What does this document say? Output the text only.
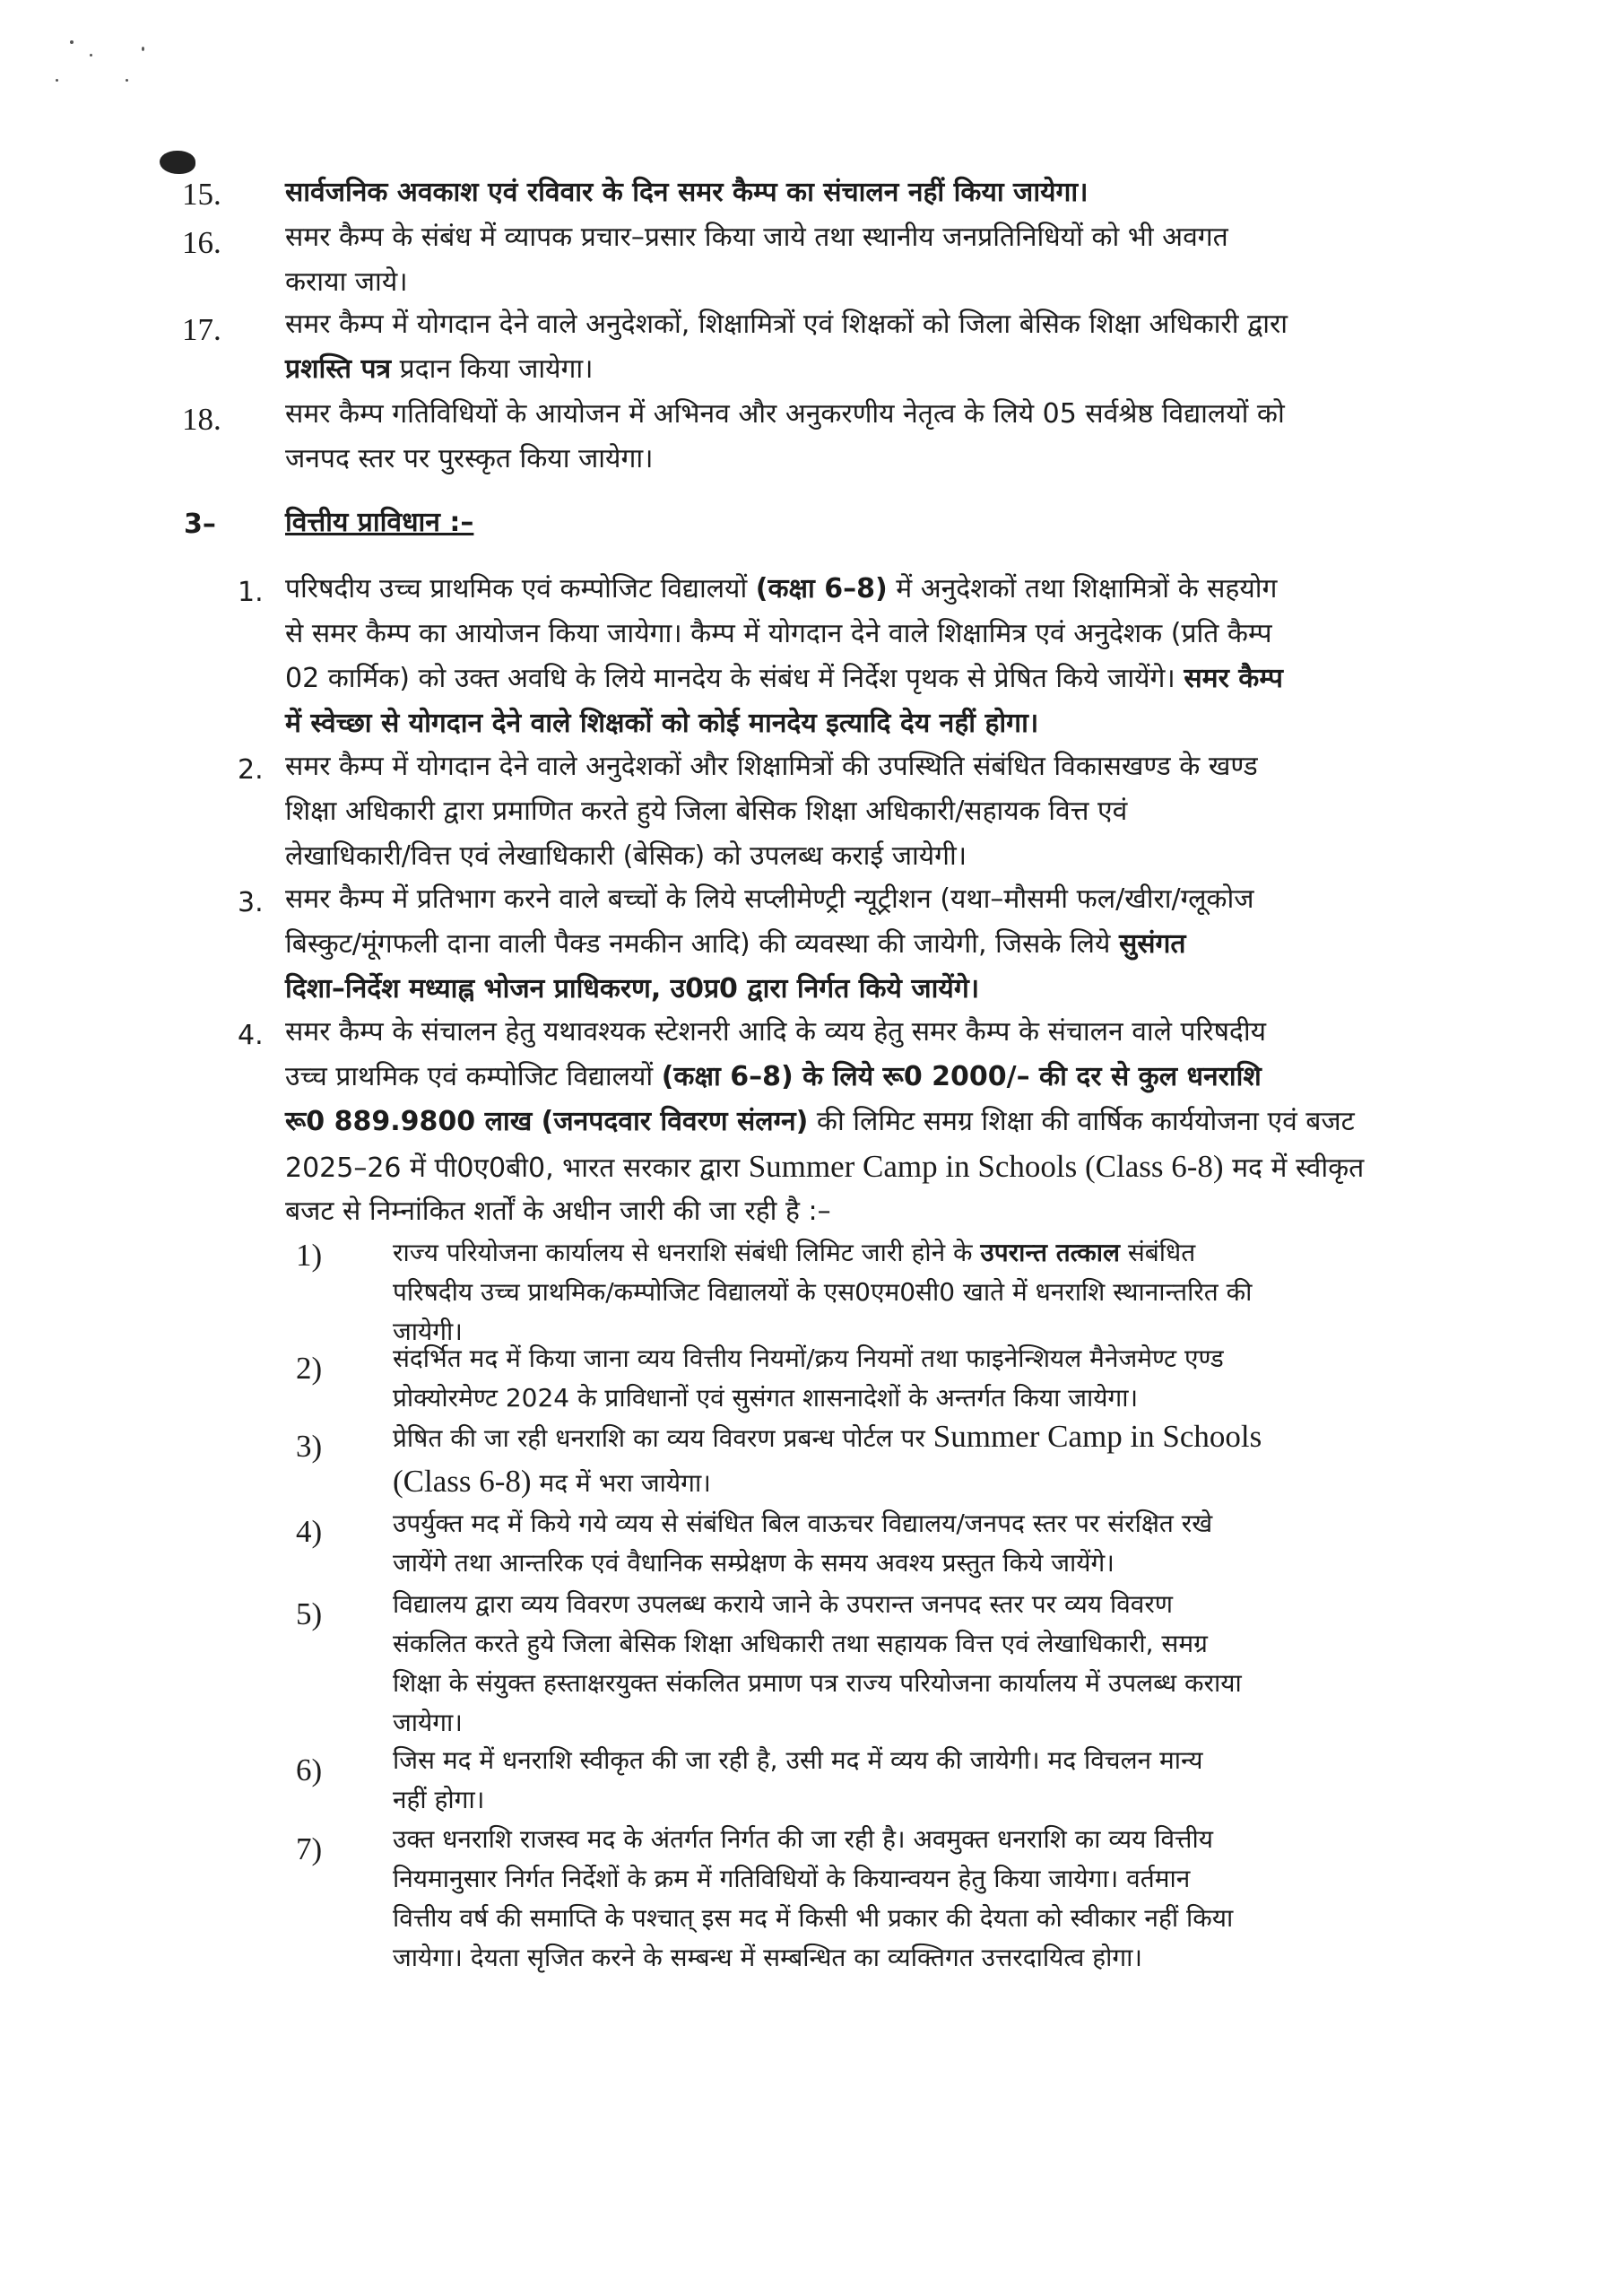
15. सार्वजनिक अवकाश एवं रविवार के दिन समर कैम्प का संचालन नहीं किया जायेगा।
16. समर कैम्प के संबंध में व्यापक प्रचार–प्रसार किया जाये तथा स्थानीय जनप्रतिनिधियों को भी अवगत
कराया जाये।
17. समर कैम्प में योगदान देने वाले अनुदेशकों, शिक्षामित्रों एवं शिक्षकों को जिला बेसिक शिक्षा अधिकारी द्वारा
प्रशस्ति पत्र प्रदान किया जायेगा।
18. समर कैम्प गतिविधियों के आयोजन में अभिनव और अनुकरणीय नेतृत्व के लिये 05 सर्वश्रेष्ठ विद्यालयों को
जनपद स्तर पर पुरस्कृत किया जायेगा।
3–	वित्तीय प्राविधान :–
1. परिषदीय उच्च प्राथमिक एवं कम्पोजिट विद्यालयों (कक्षा 6–8) में अनुदेशकों तथा शिक्षामित्रों के सहयोग
से समर कैम्प का आयोजन किया जायेगा। कैम्प में योगदान देने वाले शिक्षामित्र एवं अनुदेशक (प्रति कैम्प
02 कार्मिक) को उक्त अवधि के लिये मानदेय के संबंध में निर्देश पृथक से प्रेषित किये जायेंगे। समर कैम्प
में स्वेच्छा से योगदान देने वाले शिक्षकों को कोई मानदेय इत्यादि देय नहीं होगा।
2. समर कैम्प में योगदान देने वाले अनुदेशकों और शिक्षामित्रों की उपस्थिति संबंधित विकासखण्ड के खण्ड
शिक्षा अधिकारी द्वारा प्रमाणित करते हुये जिला बेसिक शिक्षा अधिकारी/सहायक वित्त एवं
लेखाधिकारी/वित्त एवं लेखाधिकारी (बेसिक) को उपलब्ध कराई जायेगी।
3. समर कैम्प में प्रतिभाग करने वाले बच्चों के लिये सप्लीमेण्ट्री न्यूट्रीशन (यथा–मौसमी फल/खीरा/ग्लूकोज
बिस्कुट/मूंगफली दाना वाली पैक्ड नमकीन आदि) की व्यवस्था की जायेगी, जिसके लिये सुसंगत
दिशा–निर्देश मध्याह्न भोजन प्राधिकरण, उ0प्र0 द्वारा निर्गत किये जायेंगे।
4. समर कैम्प के संचालन हेतु यथावश्यक स्टेशनरी आदि के व्यय हेतु समर कैम्प के संचालन वाले परिषदीय
उच्च प्राथमिक एवं कम्पोजिट विद्यालयों (कक्षा 6–8) के लिये रू0 2000/– की दर से कुल धनराशि
रू0 889.9800 लाख (जनपदवार विवरण संलग्न) की लिमिट समग्र शिक्षा की वार्षिक कार्ययोजना एवं बजट
2025–26 में पी0ए0बी0, भारत सरकार द्वारा Summer Camp in Schools (Class 6-8) मद में स्वीकृत
बजट से निम्नांकित शर्तों के अधीन जारी की जा रही है :–
1)	राज्य परियोजना कार्यालय से धनराशि संबंधी लिमिट जारी होने के उपरान्त तत्काल संबंधित
परिषदीय उच्च प्राथमिक/कम्पोजिट विद्यालयों के एस0एम0सी0 खाते में धनराशि स्थानान्तरित की
जायेगी।
2)	संदर्भित मद में किया जाना व्यय वित्तीय नियमों/क्रय नियमों तथा फाइनेन्शियल मैनेजमेण्ट एण्ड
प्रोक्योरमेण्ट 2024 के प्राविधानों एवं सुसंगत शासनादेशों के अन्तर्गत किया जायेगा।
3)	प्रेषित की जा रही धनराशि का व्यय विवरण प्रबन्ध पोर्टल पर Summer Camp in Schools
(Class 6-8) मद में भरा जायेगा।
4)	उपर्युक्त मद में किये गये व्यय से संबंधित बिल वाऊचर विद्यालय/जनपद स्तर पर संरक्षित रखे
जायेंगे तथा आन्तरिक एवं वैधानिक सम्प्रेक्षण के समय अवश्य प्रस्तुत किये जायेंगे।
5)	विद्यालय द्वारा व्यय विवरण उपलब्ध कराये जाने के उपरान्त जनपद स्तर पर व्यय विवरण
संकलित करते हुये जिला बेसिक शिक्षा अधिकारी तथा सहायक वित्त एवं लेखाधिकारी, समग्र
शिक्षा के संयुक्त हस्ताक्षरयुक्त संकलित प्रमाण पत्र राज्य परियोजना कार्यालय में उपलब्ध कराया
जायेगा।
6)	जिस मद में धनराशि स्वीकृत की जा रही है, उसी मद में व्यय की जायेगी। मद विचलन मान्य
नहीं होगा।
7)	उक्त धनराशि राजस्व मद के अंतर्गत निर्गत की जा रही है। अवमुक्त धनराशि का व्यय वित्तीय
नियमानुसार निर्गत निर्देशों के क्रम में गतिविधियों के कियान्वयन हेतु किया जायेगा। वर्तमान
वित्तीय वर्ष की समाप्ति के पश्चात् इस मद में किसी भी प्रकार की देयता को स्वीकार नहीं किया
जायेगा। देयता सृजित करने के सम्बन्ध में सम्बन्धित का व्यक्तिगत उत्तरदायित्व होगा।
